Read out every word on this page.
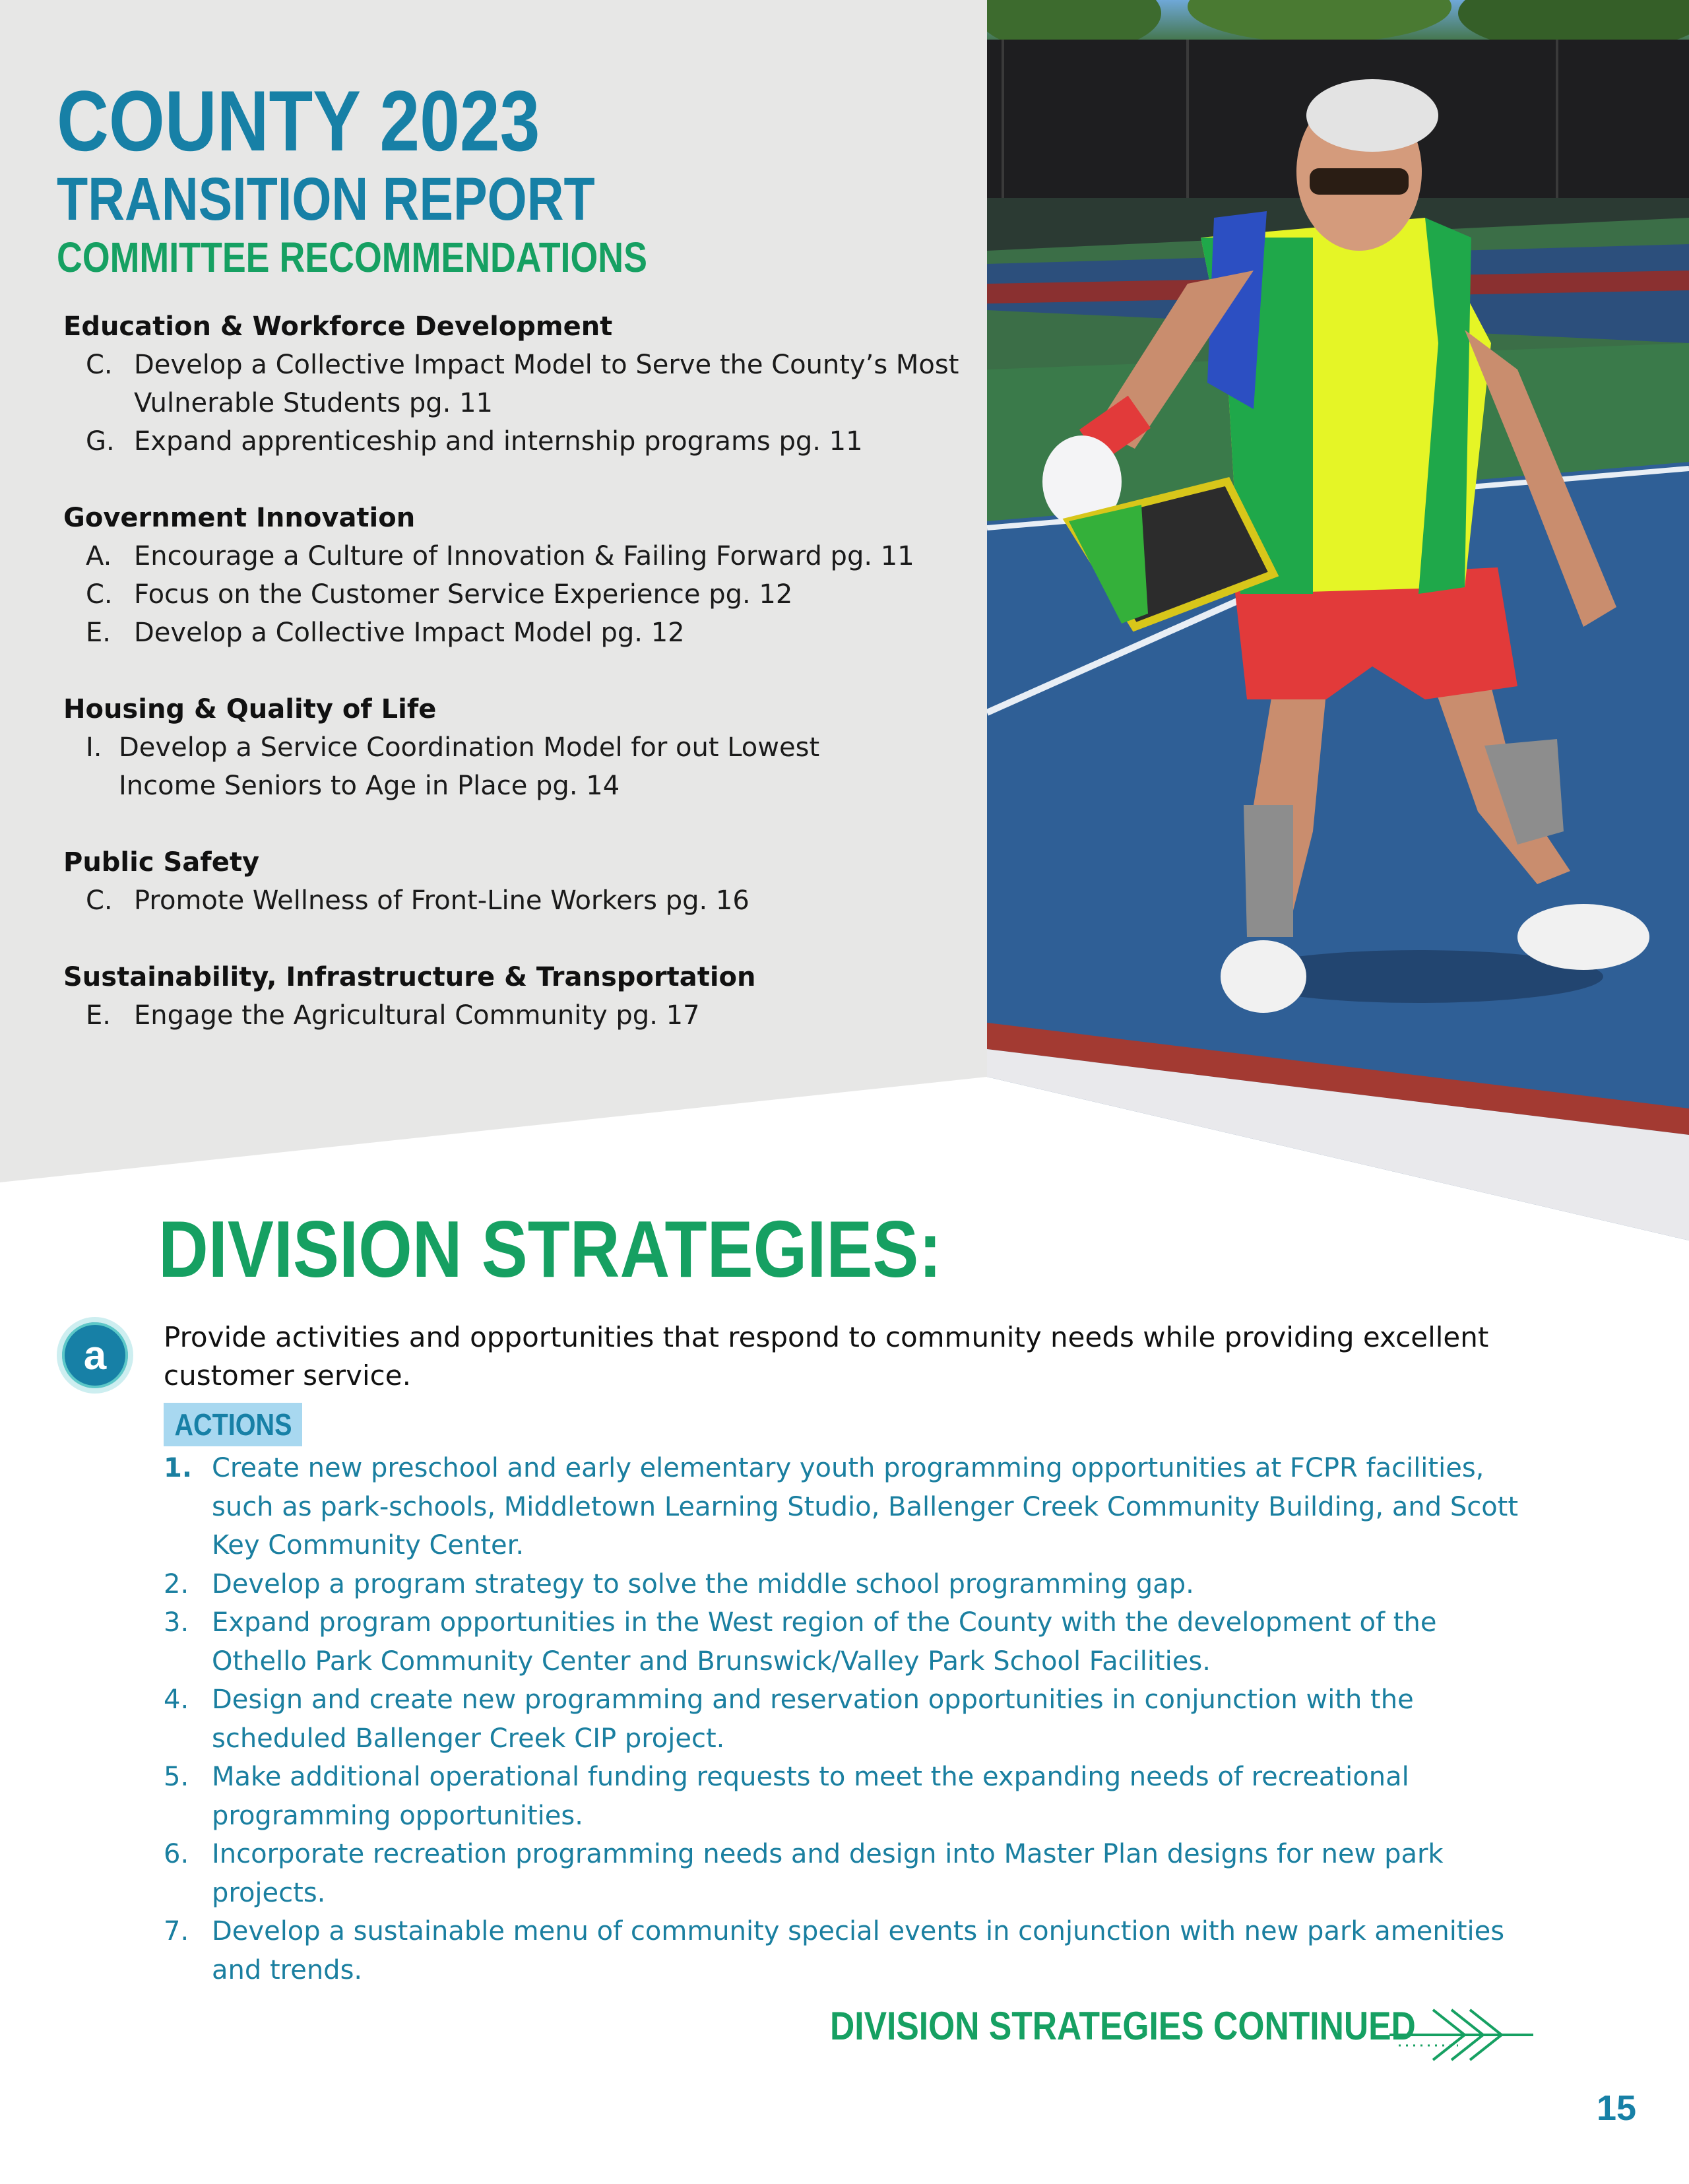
COUNTY 2023
TRANSITION REPORT
COMMITTEE RECOMMENDATIONS
Education & Workforce Development
C. Develop a Collective Impact Model to Serve the County’s Most Vulnerable Students pg. 11
G. Expand apprenticeship and internship programs pg. 11
Government Innovation
A. Encourage a Culture of Innovation & Failing Forward pg. 11
C. Focus on the Customer Service Experience pg. 12
E. Develop a Collective Impact Model pg. 12
Housing & Quality of Life
I. Develop a Service Coordination Model for out Lowest Income Seniors to Age in Place pg. 14
Public Safety
C. Promote Wellness of Front-Line Workers pg. 16
Sustainability, Infrastructure & Transportation
E. Engage the Agricultural Community pg. 17
DIVISION STRATEGIES:
a	Provide activities and opportunities that respond to community needs while providing excellent customer service.
ACTIONS
1. Create new preschool and early elementary youth programming opportunities at FCPR facilities, such as park-schools, Middletown Learning Studio, Ballenger Creek Community Building, and Scott Key Community Center.
2. Develop a program strategy to solve the middle school programming gap.
3. Expand program opportunities in the West region of the County with the development of the Othello Park Community Center and Brunswick/Valley Park School Facilities.
4. Design and create new programming and reservation opportunities in conjunction with the scheduled Ballenger Creek CIP project.
5. Make additional operational funding requests to meet the expanding needs of recreational programming opportunities.
6. Incorporate recreation programming needs and design into Master Plan designs for new park projects.
7. Develop a sustainable menu of community special events in conjunction with new park amenities and trends.
DIVISION STRATEGIES CONTINUED
15
